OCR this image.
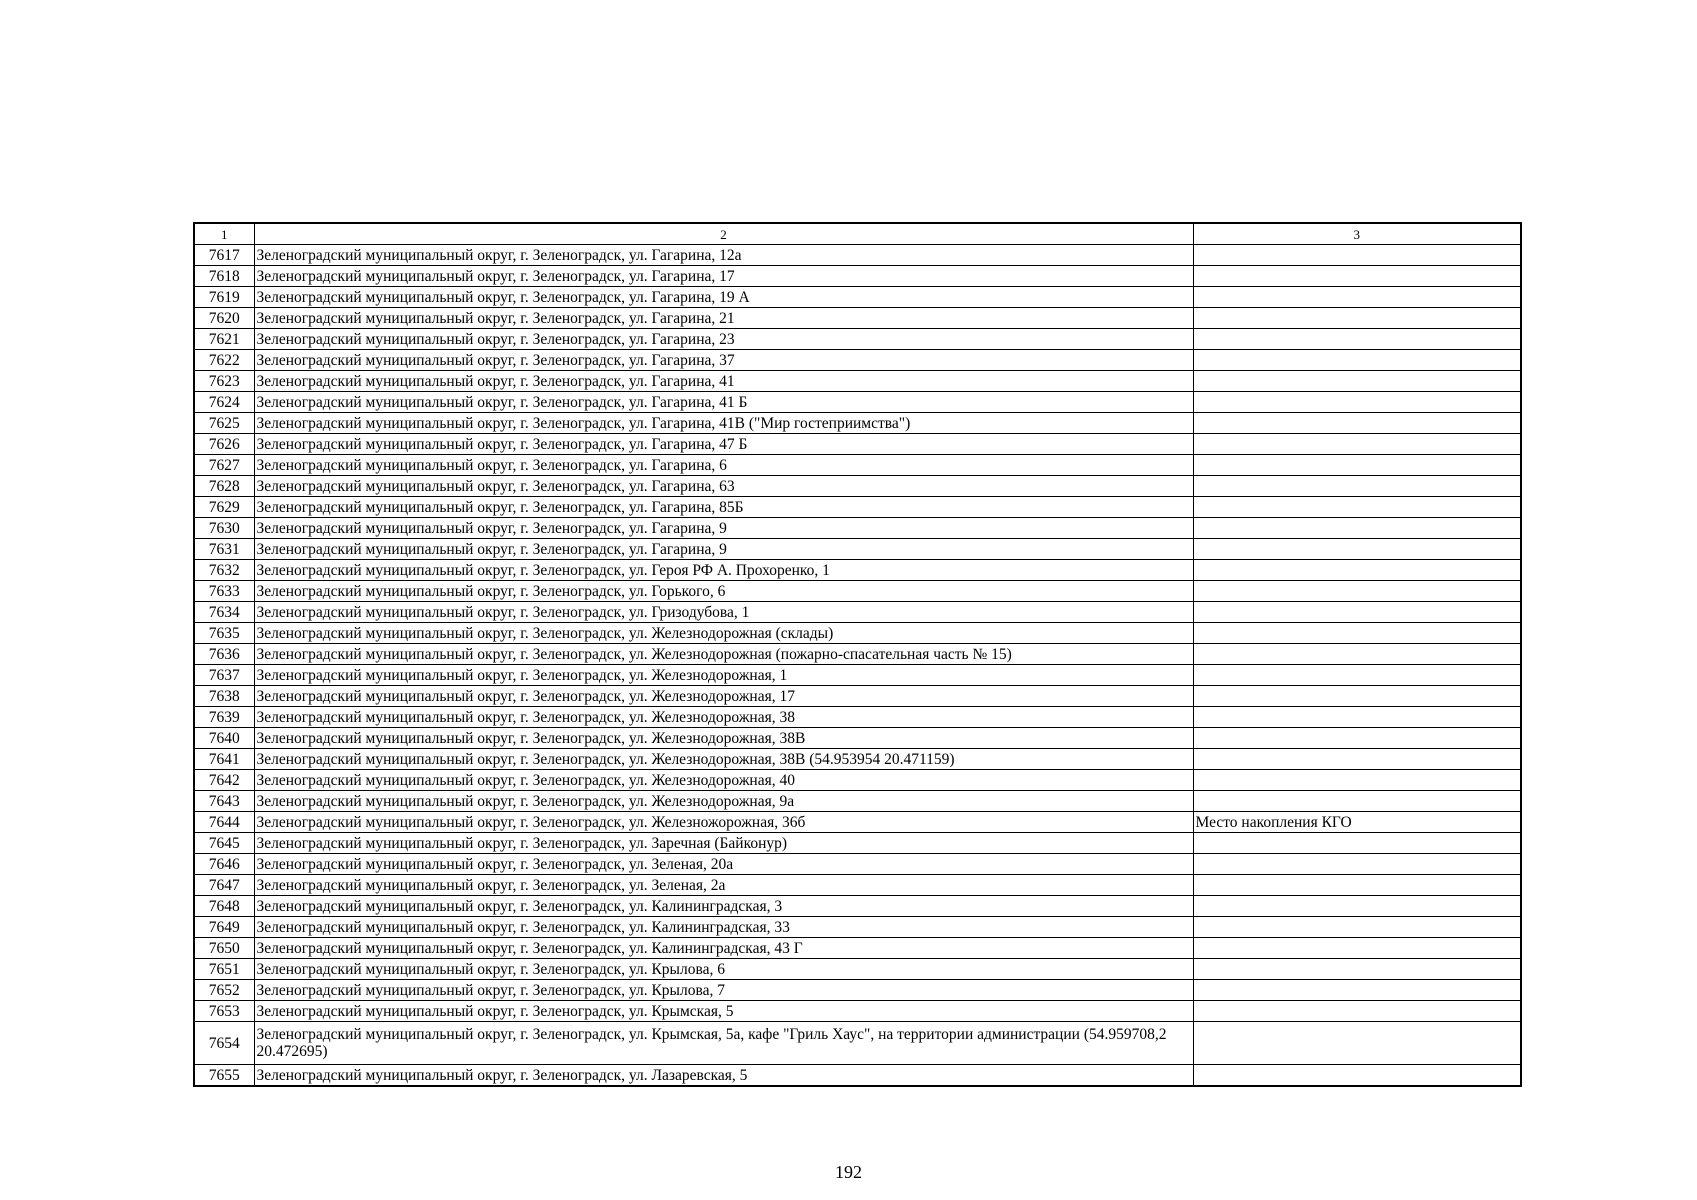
1	2	3
7617	Зеленоградский муниципальный округ, г. Зеленоградск, ул. Гагарина, 12а	
7618	Зеленоградский муниципальный округ, г. Зеленоградск, ул. Гагарина, 17	
7619	Зеленоградский муниципальный округ, г. Зеленоградск, ул. Гагарина, 19 А	
7620	Зеленоградский муниципальный округ, г. Зеленоградск, ул. Гагарина, 21	
7621	Зеленоградский муниципальный округ, г. Зеленоградск, ул. Гагарина, 23	
7622	Зеленоградский муниципальный округ, г. Зеленоградск, ул. Гагарина, 37	
7623	Зеленоградский муниципальный округ, г. Зеленоградск, ул. Гагарина, 41	
7624	Зеленоградский муниципальный округ, г. Зеленоградск, ул. Гагарина, 41 Б	
7625	Зеленоградский муниципальный округ, г. Зеленоградск, ул. Гагарина, 41В ("Мир гостеприимства")	
7626	Зеленоградский муниципальный округ, г. Зеленоградск, ул. Гагарина, 47 Б	
7627	Зеленоградский муниципальный округ, г. Зеленоградск, ул. Гагарина, 6	
7628	Зеленоградский муниципальный округ, г. Зеленоградск, ул. Гагарина, 63	
7629	Зеленоградский муниципальный округ, г. Зеленоградск, ул. Гагарина, 85Б	
7630	Зеленоградский муниципальный округ, г. Зеленоградск, ул. Гагарина, 9	
7631	Зеленоградский муниципальный округ, г. Зеленоградск, ул. Гагарина, 9	
7632	Зеленоградский муниципальный округ, г. Зеленоградск, ул. Героя РФ А. Прохоренко, 1	
7633	Зеленоградский муниципальный округ, г. Зеленоградск, ул. Горького, 6	
7634	Зеленоградский муниципальный округ, г. Зеленоградск, ул. Гризодубова, 1	
7635	Зеленоградский муниципальный округ, г. Зеленоградск, ул. Железнодорожная (склады)	
7636	Зеленоградский муниципальный округ, г. Зеленоградск, ул. Железнодорожная (пожарно-спасательная часть № 15)	
7637	Зеленоградский муниципальный округ, г. Зеленоградск, ул. Железнодорожная, 1	
7638	Зеленоградский муниципальный округ, г. Зеленоградск, ул. Железнодорожная, 17	
7639	Зеленоградский муниципальный округ, г. Зеленоградск, ул. Железнодорожная, 38	
7640	Зеленоградский муниципальный округ, г. Зеленоградск, ул. Железнодорожная, 38В	
7641	Зеленоградский муниципальный округ, г. Зеленоградск, ул. Железнодорожная, 38В (54.953954 20.471159)	
7642	Зеленоградский муниципальный округ, г. Зеленоградск, ул. Железнодорожная, 40	
7643	Зеленоградский муниципальный округ, г. Зеленоградск, ул. Железнодорожная, 9а	
7644	Зеленоградский муниципальный округ, г. Зеленоградск, ул. Железножорожная, 36б	Место накопления КГО
7645	Зеленоградский муниципальный округ, г. Зеленоградск, ул. Заречная (Байконур)	
7646	Зеленоградский муниципальный округ, г. Зеленоградск, ул. Зеленая, 20а	
7647	Зеленоградский муниципальный округ, г. Зеленоградск, ул. Зеленая, 2а	
7648	Зеленоградский муниципальный округ, г. Зеленоградск, ул. Калининградская, 3	
7649	Зеленоградский муниципальный округ, г. Зеленоградск, ул. Калининградская, 33	
7650	Зеленоградский муниципальный округ, г. Зеленоградск, ул. Калининградская, 43 Г	
7651	Зеленоградский муниципальный округ, г. Зеленоградск, ул. Крылова, 6	
7652	Зеленоградский муниципальный округ, г. Зеленоградск, ул. Крылова, 7	
7653	Зеленоградский муниципальный округ, г. Зеленоградск, ул. Крымская, 5	
7654	Зеленоградский муниципальный округ, г. Зеленоградск, ул. Крымская, 5а, кафе "Гриль Хаус", на территории администрации (54.959708,2 20.472695)	
7655	Зеленоградский муниципальный округ, г. Зеленоградск, ул. Лазаревская, 5	
192
